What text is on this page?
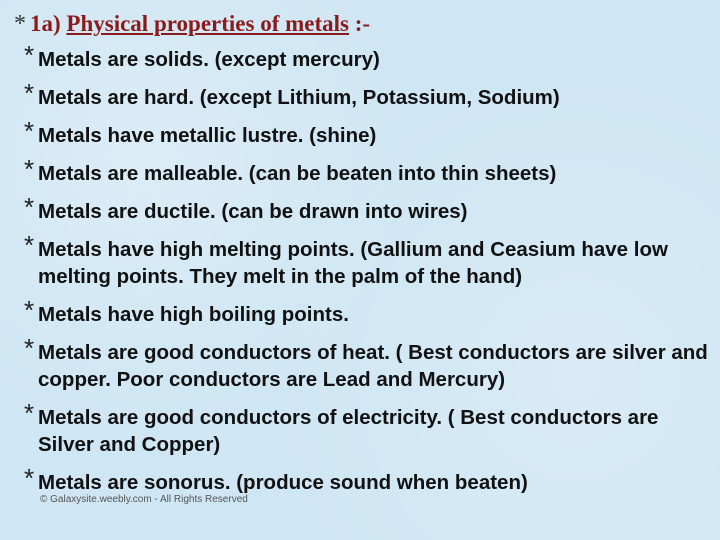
* 1a) Physical properties of metals :-
* Metals are solids. (except mercury)
* Metals are hard. (except Lithium, Potassium, Sodium)
* Metals have metallic lustre. (shine)
* Metals are malleable. (can be beaten into thin sheets)
* Metals are ductile. (can be drawn into wires)
* Metals have high melting points. (Gallium and Ceasium have low melting points. They melt in the palm of the hand)
* Metals have high boiling points.
* Metals are good conductors of heat. ( Best conductors are silver and copper. Poor conductors are Lead and Mercury)
* Metals are good conductors of electricity. ( Best conductors are Silver and Copper)
* Metals are sonorus. (produce sound when beaten)
© Galaxysite.weebly.com - All Rights Reserved
